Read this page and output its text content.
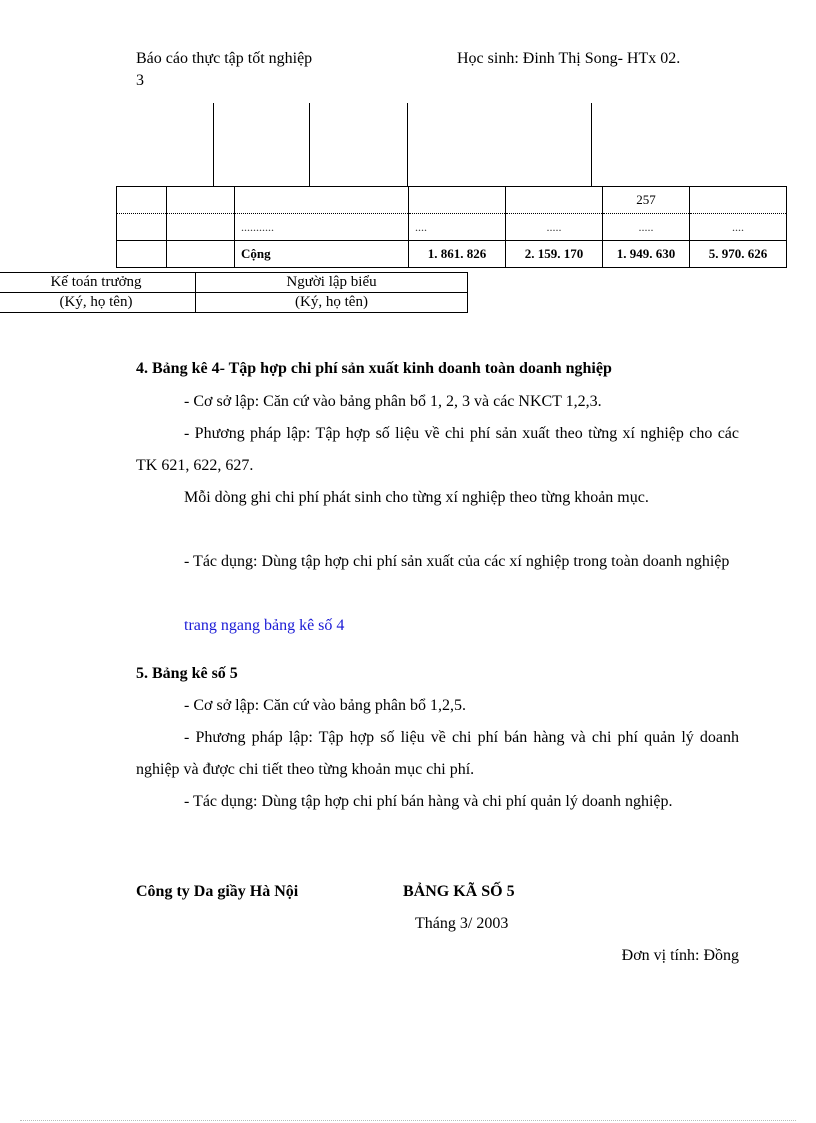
Báo cáo thực tập tốt nghiệp
3
Học sinh: Đinh Thị Song- HTx 02.
					257	
		...........	....	.....	.....	....
		Cộng	1. 861. 826	2. 159. 170	1. 949. 630	5. 970. 626
Kế toán trưởng	Người lập biểu
(Ký, họ tên)	(Ký, họ tên)
4. Bảng kê 4- Tập hợp chi phí sản xuất kinh doanh toàn doanh nghiệp
- Cơ sở lập: Căn cứ vào bảng phân bổ 1, 2, 3 và các NKCT 1,2,3.
- Phương pháp lập: Tập hợp số liệu về chi phí sản xuất theo từng xí nghiệp cho các TK 621, 622, 627.
Mỗi dòng ghi chi phí phát sinh cho từng xí nghiệp theo từng khoản mục.
- Tác dụng: Dùng tập hợp chi phí sản xuất của các xí nghiệp trong toàn doanh nghiệp
trang ngang bảng kê số 4
5. Bảng kê số 5
- Cơ sở lập: Căn cứ vào bảng phân bổ 1,2,5.
- Phương pháp lập: Tập hợp số liệu về chi phí bán hàng và chi phí quản lý doanh nghiệp và được chi tiết theo từng khoản mục chi phí.
- Tác dụng: Dùng tập hợp chi phí bán hàng và chi phí quản lý doanh nghiệp.
Công ty Da giầy Hà Nội	BẢNG KÃ SỐ 5
Tháng 3/ 2003
Đơn vị tính: Đồng
